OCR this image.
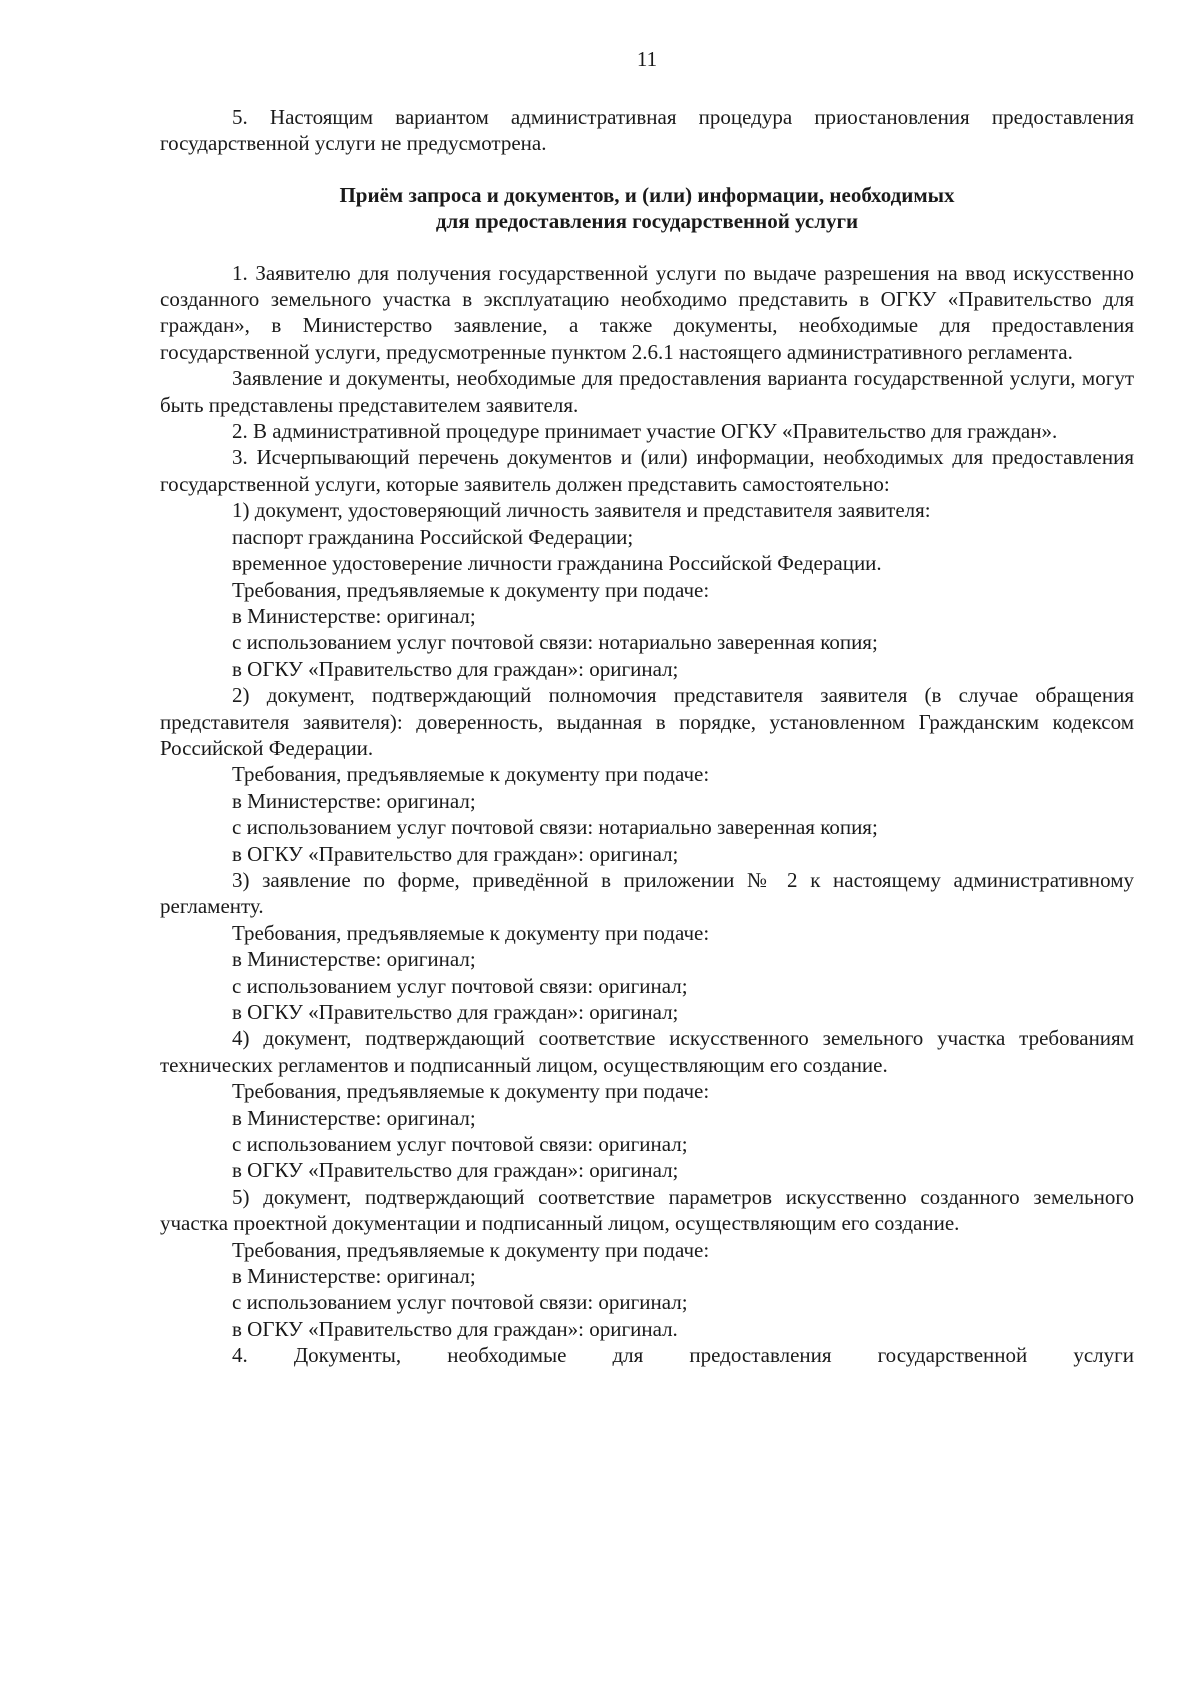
11

5. Настоящим вариантом административная процедура приостановления предоставления государственной услуги не предусмотрена.

Приём запроса и документов, и (или) информации, необходимых
для предоставления государственной услуги

1. Заявителю для получения государственной услуги по выдаче разрешения на ввод искусственно созданного земельного участка в эксплуатацию необходимо представить в ОГКУ «Правительство для граждан», в Министерство заявление, а также документы, необходимые для предоставления государственной услуги, предусмотренные пунктом 2.6.1 настоящего административного регламента.

Заявление и документы, необходимые для предоставления варианта государственной услуги, могут быть представлены представителем заявителя.

2. В административной процедуре принимает участие ОГКУ «Правительство для граждан».

3. Исчерпывающий перечень документов и (или) информации, необходимых для предоставления государственной услуги, которые заявитель должен представить самостоятельно:

1) документ, удостоверяющий личность заявителя и представителя заявителя:

паспорт гражданина Российской Федерации;

временное удостоверение личности гражданина Российской Федерации.

Требования, предъявляемые к документу при подаче:

в Министерстве: оригинал;

с использованием услуг почтовой связи: нотариально заверенная копия;

в ОГКУ «Правительство для граждан»: оригинал;

2) документ, подтверждающий полномочия представителя заявителя (в случае обращения представителя заявителя): доверенность, выданная в порядке, установленном Гражданским кодексом Российской Федерации.

Требования, предъявляемые к документу при подаче:

в Министерстве: оригинал;

с использованием услуг почтовой связи: нотариально заверенная копия;

в ОГКУ «Правительство для граждан»: оригинал;

3) заявление по форме, приведённой в приложении № 2 к настоящему административному регламенту.

Требования, предъявляемые к документу при подаче:

в Министерстве: оригинал;

с использованием услуг почтовой связи: оригинал;

в ОГКУ «Правительство для граждан»: оригинал;

4) документ, подтверждающий соответствие искусственного земельного участка требованиям технических регламентов и подписанный лицом, осуществляющим его создание.

Требования, предъявляемые к документу при подаче:

в Министерстве: оригинал;

с использованием услуг почтовой связи: оригинал;

в ОГКУ «Правительство для граждан»: оригинал;

5) документ, подтверждающий соответствие параметров искусственно созданного земельного участка проектной документации и подписанный лицом, осуществляющим его создание.

Требования, предъявляемые к документу при подаче:

в Министерстве: оригинал;

с использованием услуг почтовой связи: оригинал;

в ОГКУ «Правительство для граждан»: оригинал.

4. Документы, необходимые для предоставления государственной услуги
